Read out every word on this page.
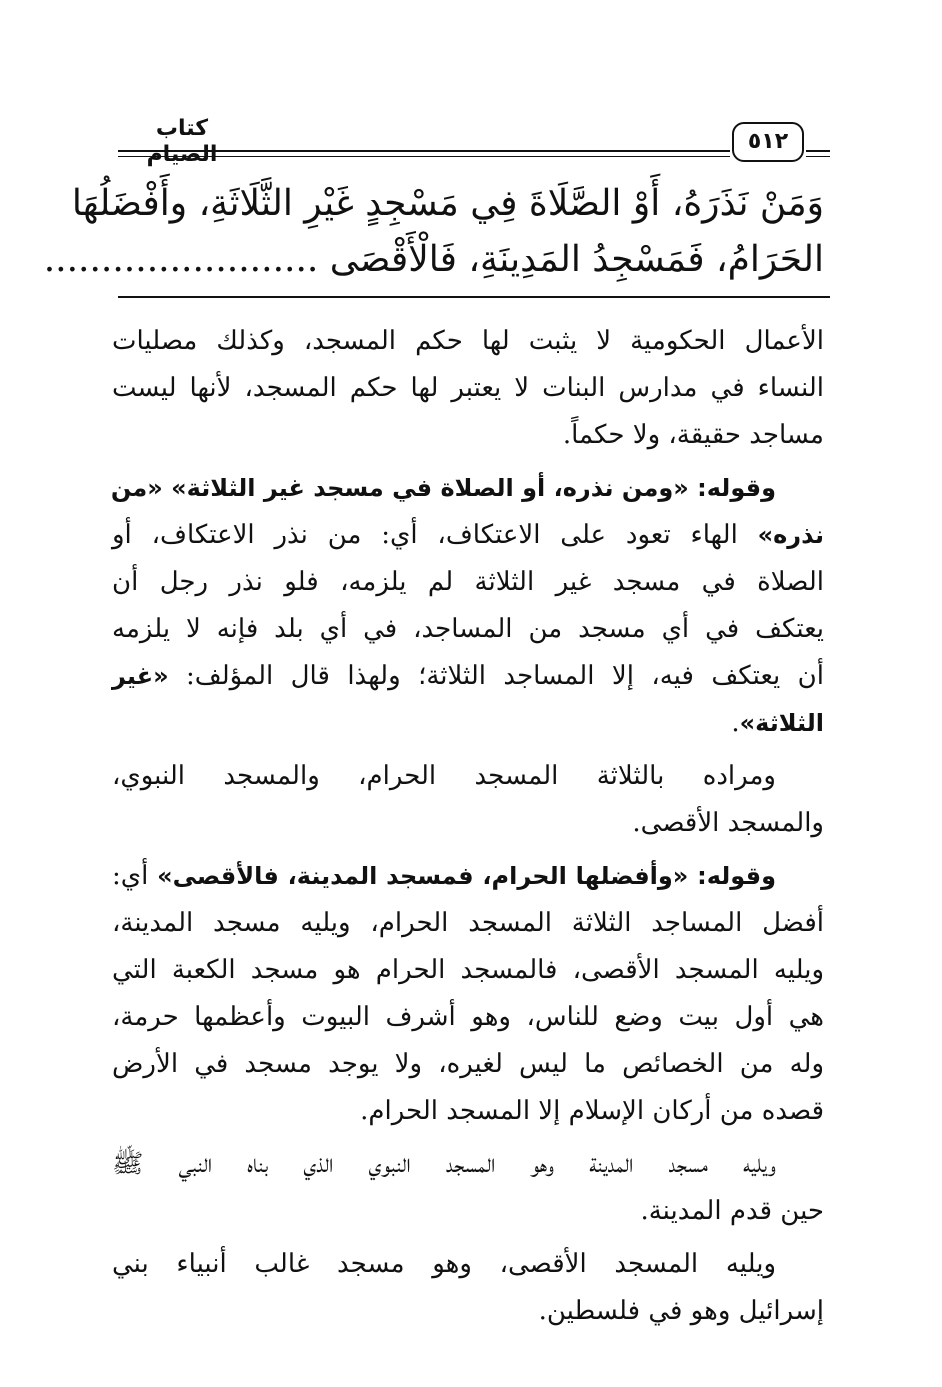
٥١٢
كتاب الصيام
وَمَنْ نَذَرَهُ، أَوْ الصَّلَاةَ فِي مَسْجِدٍ غَيْرِ الثَّلَاثَةِ، وأَفْضَلُهَا
الحَرَامُ، فَمَسْجِدُ المَدِينَةِ، فَالْأَقْصَى ........................
الأعمال الحكومية لا يثبت لها حكم المسجد، وكذلك مصليات
النساء في مدارس البنات لا يعتبر لها حكم المسجد، لأنها ليست
مساجد حقيقة، ولا حكماً.
وقوله: «ومن نذره، أو الصلاة في مسجد غير الثلاثة» «من
نذره» الهاء تعود على الاعتكاف، أي: من نذر الاعتكاف، أو
الصلاة في مسجد غير الثلاثة لم يلزمه، فلو نذر رجل أن
يعتكف في أي مسجد من المساجد، في أي بلد فإنه لا يلزمه
أن يعتكف فيه، إلا المساجد الثلاثة؛ ولهذا قال المؤلف: «غير
الثلاثة».
ومراده بالثلاثة المسجد الحرام، والمسجد النبوي،
والمسجد الأقصى.
وقوله: «وأفضلها الحرام، فمسجد المدينة، فالأقصى» أي:
أفضل المساجد الثلاثة المسجد الحرام، ويليه مسجد المدينة،
ويليه المسجد الأقصى، فالمسجد الحرام هو مسجد الكعبة التي
هي أول بيت وضع للناس، وهو أشرف البيوت وأعظمها حرمة،
وله من الخصائص ما ليس لغيره، ولا يوجد مسجد في الأرض
قصده من أركان الإسلام إلا المسجد الحرام.
ويليه مسجد المدينة وهو المسجد النبوي الذي بناه النبي ﷺ
حين قدم المدينة.
ويليه المسجد الأقصى، وهو مسجد غالب أنبياء بني
إسرائيل وهو في فلسطين.
